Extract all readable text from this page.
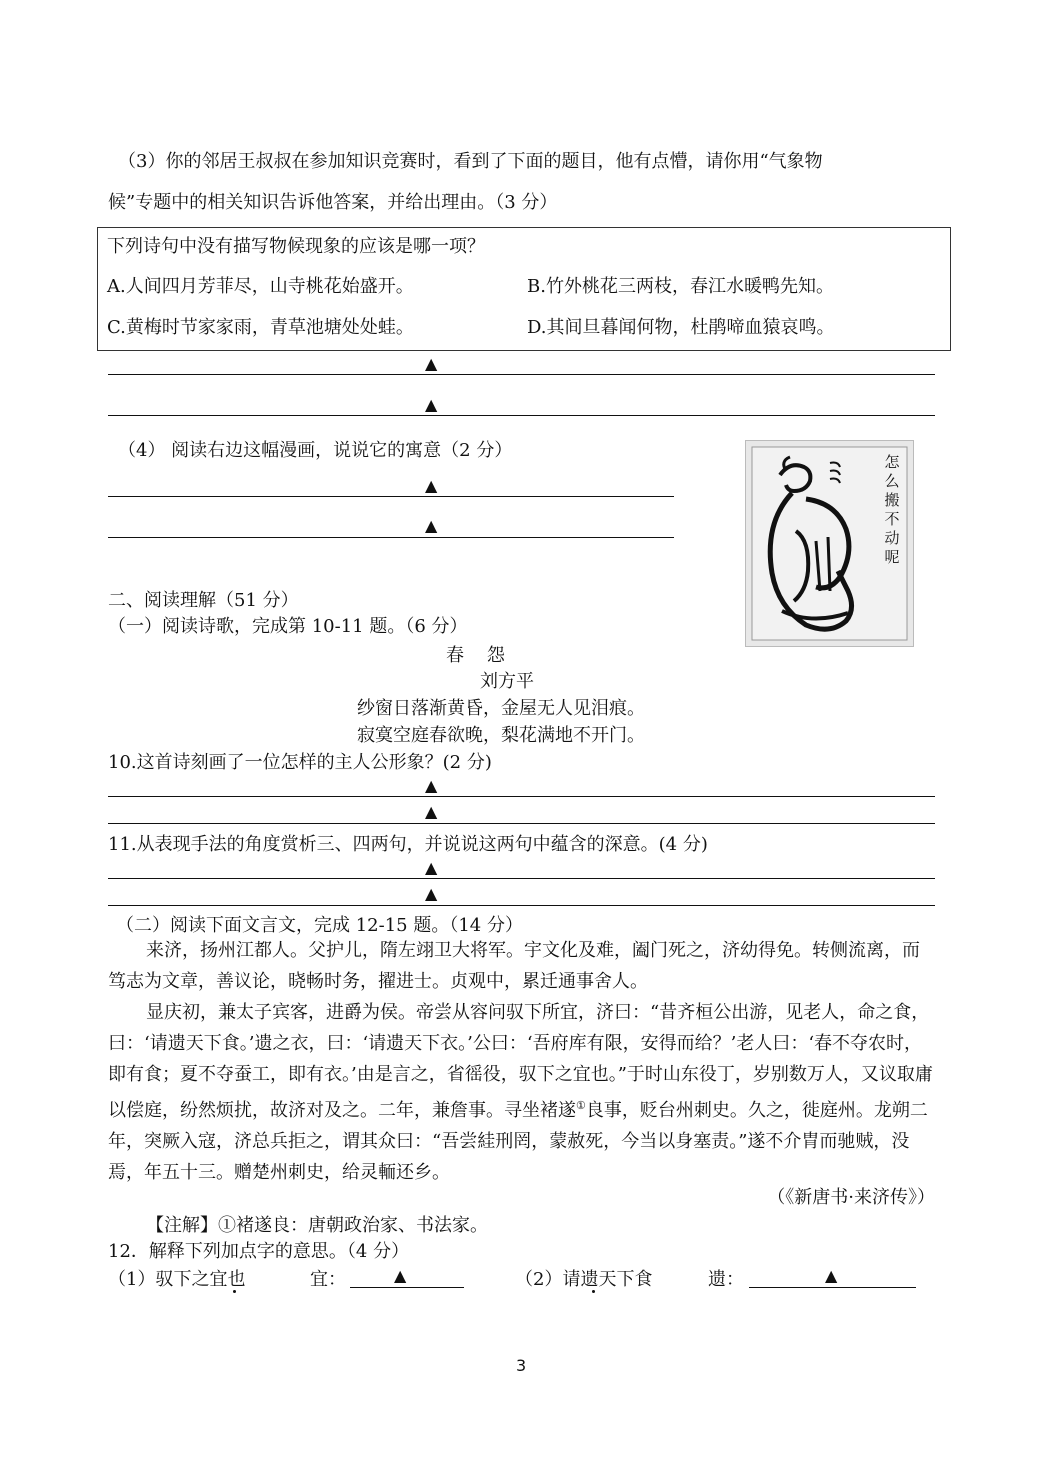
（3）你的邻居王叔叔在参加知识竞赛时，看到了下面的题目，他有点懵，请你用“气象物
候”专题中的相关知识告诉他答案，并给出理由。（3 分）
下列诗句中没有描写物候现象的应该是哪一项？
A.人间四月芳菲尽，山寺桃花始盛开。	B.竹外桃花三两枝，春江水暖鸭先知。
C.黄梅时节家家雨，青草池塘处处蛙。	D.其间旦暮闻何物，杜鹃啼血猿哀鸣。
▲
▲
（4） 阅读右边这幅漫画，说说它的寓意（2 分）
▲
▲
怎么搬不动呢
二、阅读理解（51 分）
（一）阅读诗歌，完成第 10-11 题。（6 分）
春    怨
刘方平
纱窗日落渐黄昏，金屋无人见泪痕。
寂寞空庭春欲晚，梨花满地不开门。
10.这首诗刻画了一位怎样的主人公形象？(2 分)
▲
▲
11.从表现手法的角度赏析三、四两句，并说说这两句中蕴含的深意。(4 分)
▲
▲
（二）阅读下面文言文，完成 12-15 题。（14 分）
来济，扬州江都人。父护儿，隋左翊卫大将军。宇文化及难，阖门死之，济幼得免。转侧流离，而笃志为文章，善议论，晓畅时务，擢进士。贞观中，累迁通事舍人。
显庆初，兼太子宾客，进爵为侯。帝尝从容问驭下所宜，济曰：“昔齐桓公出游，见老人，命之食，曰：‘请遗天下食。’遗之衣，曰：‘请遗天下衣。’公曰：‘吾府库有限，安得而给？’老人曰：‘春不夺农时，即有食；夏不夺蚕工，即有衣。’由是言之，省徭役，驭下之宜也。”于时山东役丁，岁别数万人，又议取庸以偿庭，纷然烦扰，故济对及之。二年，兼詹事。寻坐褚遂①良事，贬台州刺史。久之，徙庭州。龙朔二年，突厥入寇，济总兵拒之，谓其众曰：“吾尝絓刑罔，蒙赦死，今当以身塞责。”遂不介胄而驰贼，没焉，年五十三。赠楚州刺史，给灵輀还乡。
（《新唐书·来济传》）
【注解】①褚遂良：唐朝政治家、书法家。
12．解释下列加点字的意思。（4 分）
（1）驭下之宜也	宜：	▲	（2）请遗天下食	遗：	▲
3
